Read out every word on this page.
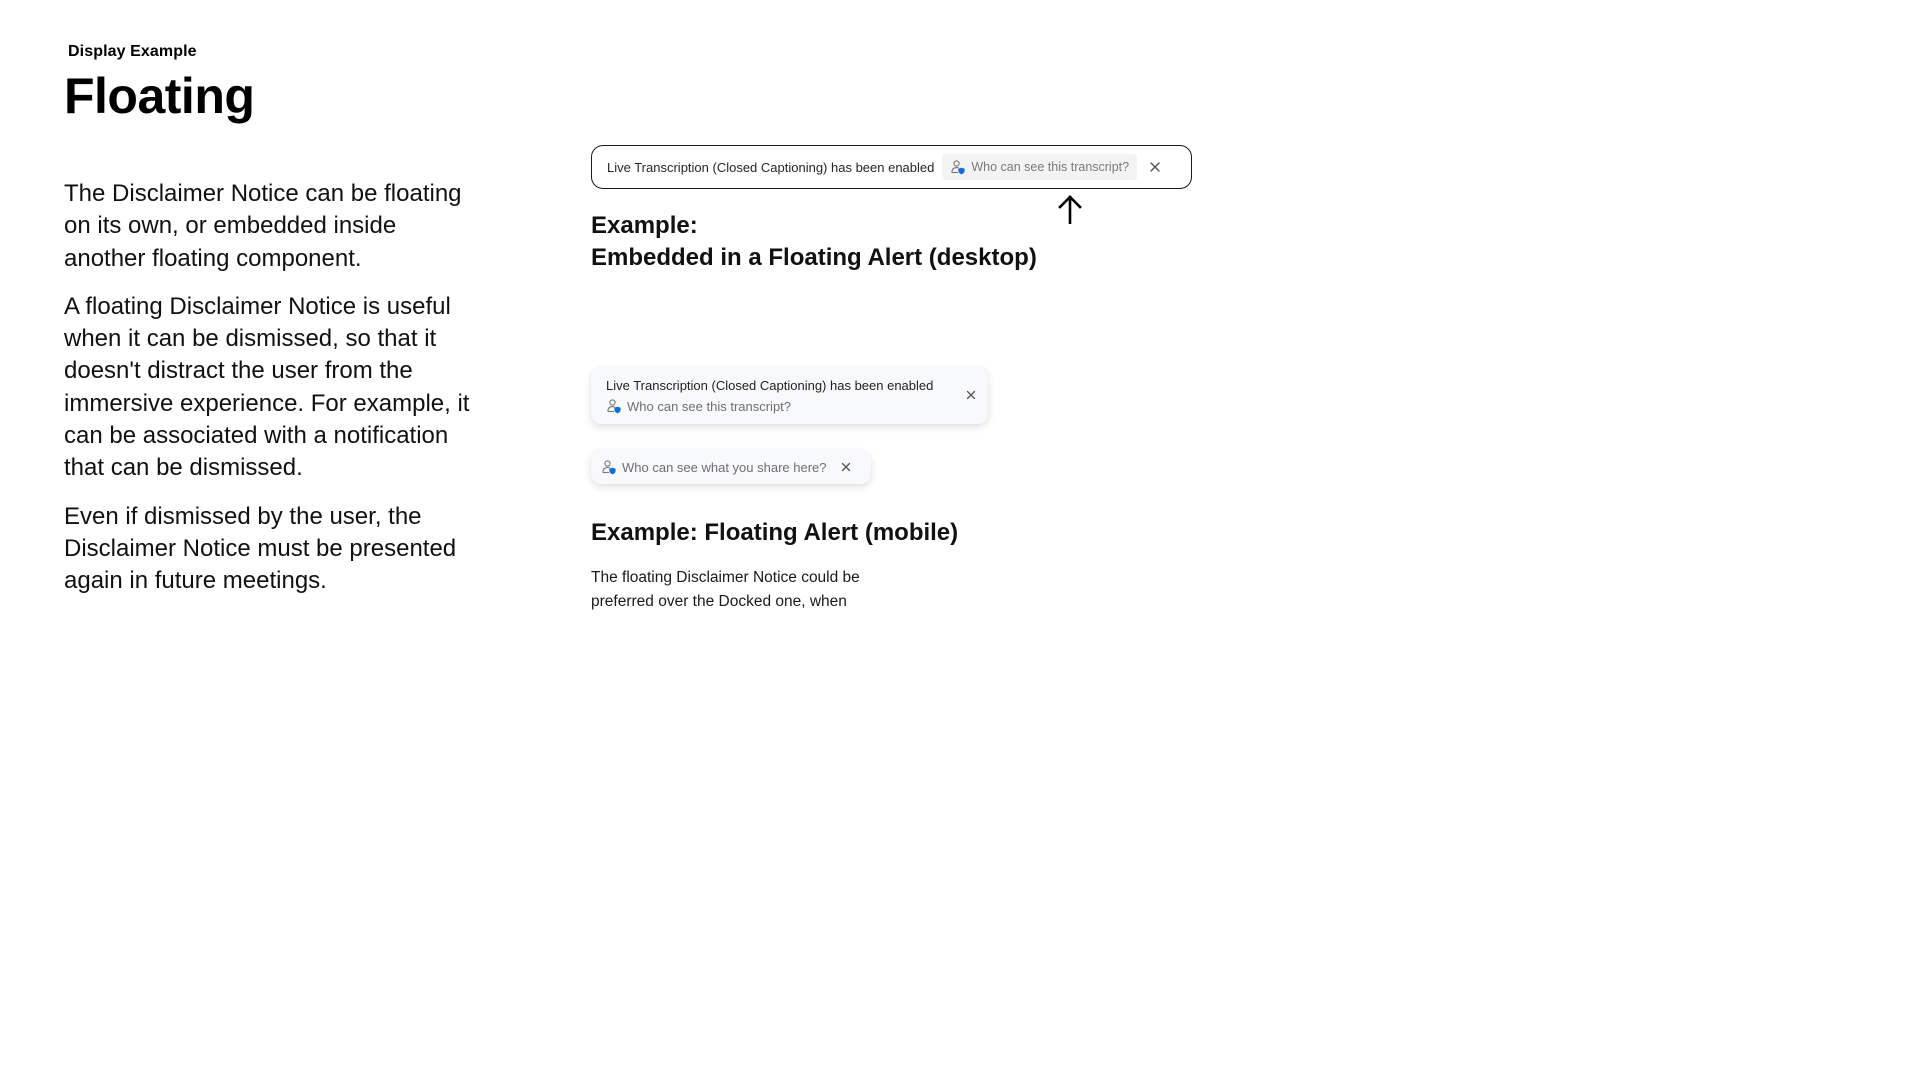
Display Example
Floating

The Disclaimer Notice can be floating on its own, or embedded inside another floating component.

A floating Disclaimer Notice is useful when it can be dismissed, so that it doesn't distract the user from the immersive experience. For example, it can be associated with a notification that can be dismissed.

Even if dismissed by the user, the Disclaimer Notice must be presented again in future meetings.

Live Transcription (Closed Captioning) has been enabled	Who can see this transcript?
Example:
Embedded in a Floating Alert (desktop)
Live Transcription (Closed Captioning) has been enabled
Who can see this transcript?
Who can see what you share here?
Example: Floating Alert (mobile)
The floating Disclaimer Notice could be preferred over the Docked one, when
